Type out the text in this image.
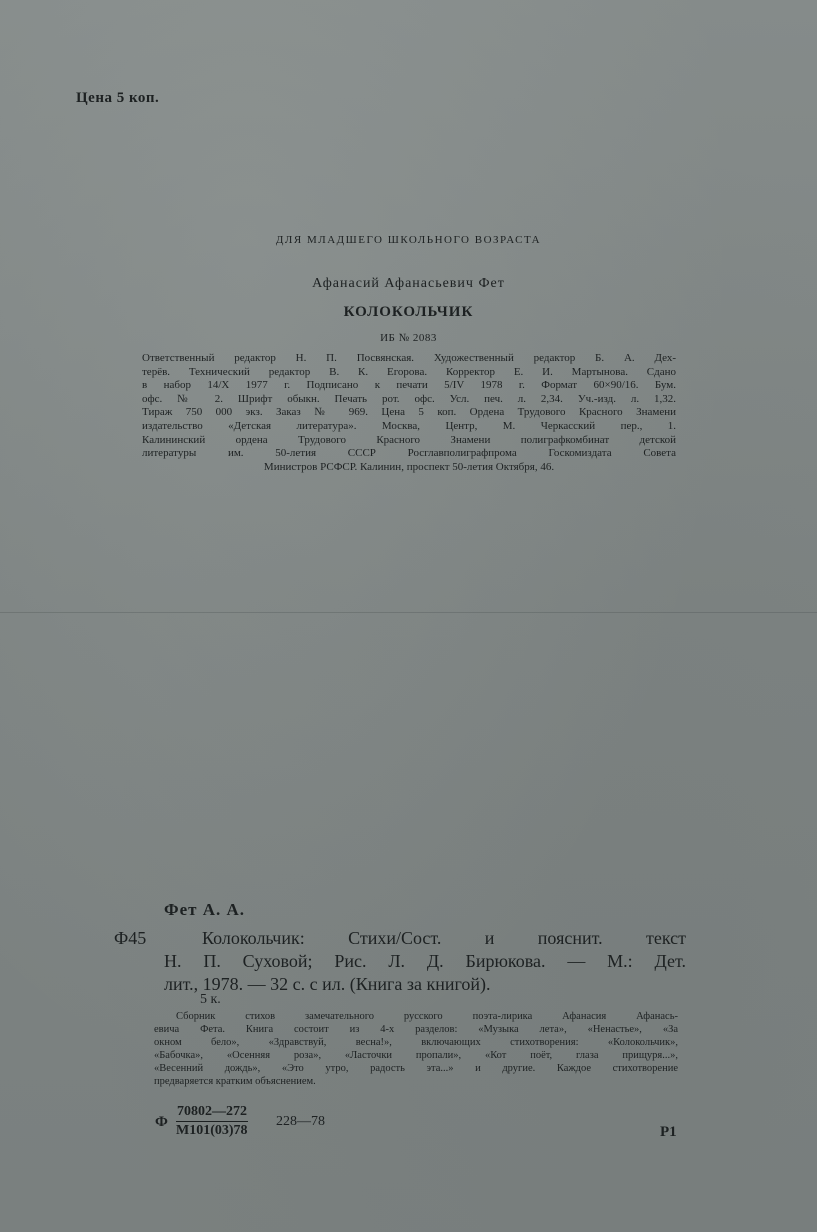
Цена 5 коп.
ДЛЯ МЛАДШЕГО ШКОЛЬНОГО ВОЗРАСТА
Афанасий Афанасьевич Фет
КОЛОКОЛЬЧИК
ИБ № 2083
Ответственный редактор Н. П. Посвянская. Художественный редактор Б. А. Дех-
терёв. Технический редактор В. К. Егорова. Корректор Е. И. Мартынова. Сдано
в набор 14/X 1977 г. Подписано к печати 5/IV 1978 г. Формат 60×90/16. Бум.
офс. № 2. Шрифт обыкн. Печать рот. офс. Усл. печ. л. 2,34. Уч.-изд. л. 1,32.
Тираж 750 000 экз. Заказ № 969. Цена 5 коп. Ордена Трудового Красного Знамени
издательство «Детская литература». Москва, Центр, М. Черкасский пер., 1.
Калининский ордена Трудового Красного Знамени полиграфкомбинат детской
литературы им. 50-летия СССР Росглавполиграфпрома Госкомиздата Совета
Министров РСФСР. Калинин, проспект 50-летия Октября, 46.
Фет А. А.
Ф45	Колокольчик: Стихи/Сост. и пояснит. текст
Н. П. Суховой; Рис. Л. Д. Бирюкова. — М.: Дет.
лит., 1978. — 32 с. с ил. (Книга за книгой).
5 к.
Сборник стихов замечательного русского поэта-лирика Афанасия Афанась-
евича Фета. Книга состоит из 4-х разделов: «Музыка лета», «Ненастье», «За
окном бело», «Здравствуй, весна!», включающих стихотворения: «Колокольчик»,
«Бабочка», «Осенняя роза», «Ласточки пропали», «Кот поёт, глаза прищуря...»,
«Весенний дождь», «Это утро, радость эта...» и другие. Каждое стихотворение
предваряется кратким объяснением.
Ф
70802—272
М101(03)78
228—78
Р1
